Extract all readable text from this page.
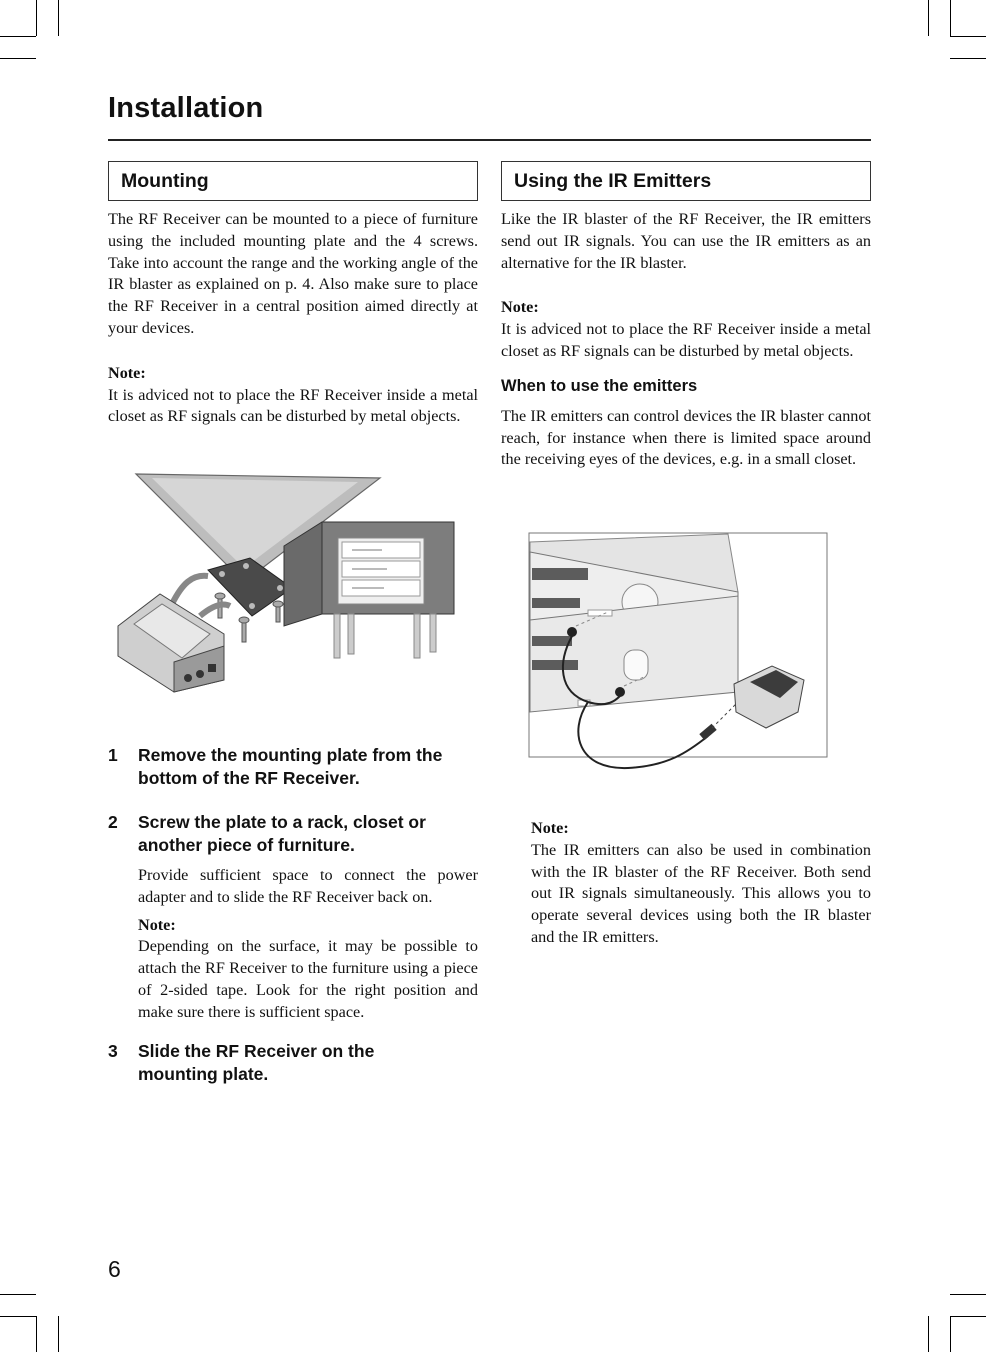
Installation
Mounting

The RF Receiver can be mounted to a piece of furniture using the included mounting plate and the 4 screws. Take into account the range and the working angle of the IR blaster as explained on p. 4. Also make sure to place the RF Receiver in a central position aimed directly at your devices.

Note:

It is adviced not to place the RF Receiver inside a metal closet as RF signals can be disturbed by metal objects.

1	Remove the mounting plate from the bottom of the RF Receiver.
2	Screw the plate to a rack, closet or another piece of furniture.

Provide sufficient space to connect the power adapter and to slide the RF Receiver back on.

Note:

Depending on the surface, it may be possible to attach the RF Receiver to the furniture using a piece of 2-sided tape. Look for the right position and make sure there is sufficient space.

3	Slide the RF Receiver on the mounting plate.
Using the IR Emitters

Like the IR blaster of the RF Receiver, the IR emitters send out IR signals. You can use the IR emitters as an alternative for the IR blaster.

Note:

It is adviced not to place the RF Receiver inside a metal closet as RF signals can be disturbed by metal objects.

When to use the emitters

The IR emitters can control devices the IR blaster cannot reach, for instance when there is limited space around the receiving eyes of the devices, e.g. in a small closet.

Note:

The IR emitters can also be used in combination with the IR blaster of the RF Receiver. Both send out IR signals simultaneously. This allows you to operate several devices using both the IR blaster and the IR emitters.

6
